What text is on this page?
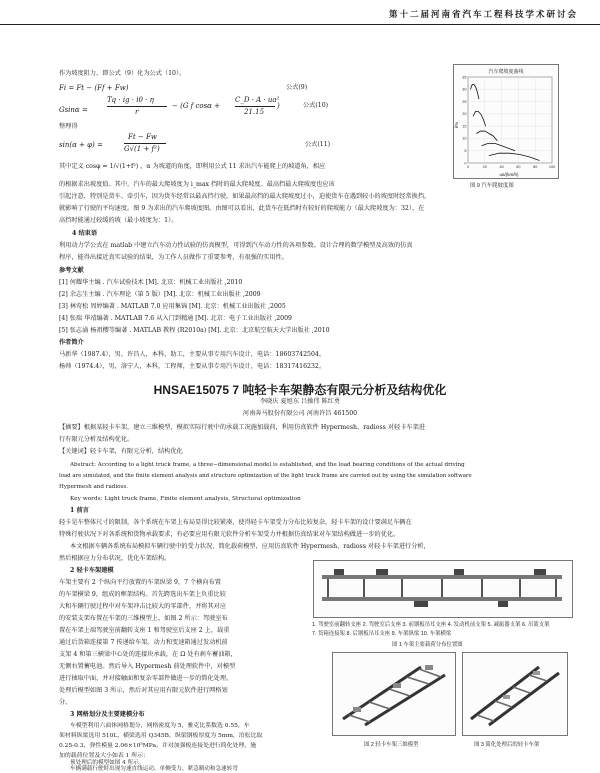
第十二届河南省汽车工程科技学术研讨会
作为坡度阻力，即公式（9）化为公式（10）。
Fi = Ft − (Ff + Fw)	公式(9)
Gsinα =
Tq · ig · i0 · η
r
− (G f cosα +
C_D · A · ua²
21.15
)	公式(10)
整理得
sin(α + φ) =
Ft − Fw
G√(1 + f²)
公式(11)
其中定义 cosφ = 1/√(1+f²) ，α 为坡道的角度，即利用公式 11 求出汽车能爬上的坡道角，相应
汽车爬坡度曲线
0	20	40	60	80	100
0
5
10
15
20
25
30
35
ua/(km/h)
i/%
图 9 汽车爬坡度图
的根据求出坡度值。其中，汽车的最大爬坡度为 i_max 挡时的最大爬坡度。最高挡最大爬坡度也应该
引起注意，特别是货车、牵引车，因为货车经常以最高挡行驶，如果最高挡的最大爬坡度过小，迫使货车在遇到较小的坡度时经常换挡，
就影响了行驶的平均速度。图 9 为求出的汽车爬坡度图。由图可以看出，此货车在低挡时有较好的爬坡能力（最大爬坡度为：32），在
高挡时能通过较缓的坡（最小坡度为：1）。
4 结束语
利用动力学公式在 matlab 中建立汽车动力性试验的仿真模型，可得到汽车动力性的各项参数。设计合理的数学模型及高效的仿真
程序，能得出接近真实试验的结果，为工作人员做作了重要参考，有很强的实用性。
参考文献
[1] 何耀华主编 . 汽车试验技术 [M]. 北京：机械工业出版社 ,2010
[2] 余志生主编 . 汽车理论（第 5 版）[M]. 北京：机械工业出版社 ,2009
[3] 林莺松 周婷编著 . MATLAB 7.0 应用集锦 [M]. 北京：机械工业出版社 ,2005
[4] 张瑞 华靖编著 . MATLAB 7.6 从入门到精通 [M]. 北京：电子工业出版社 ,2009
[5] 张志涌 杨祖樱等编著 . MATLAB 教程 (R2010a) [M]. 北京：北京航空航天大学出版社 ,2010
作者简介
马新华（1987.4），男，许昌人，本科，助工，主要从事专用汽车设计，电话：18603742504。
杨帅（1974.4），男，洛宁人，本科，工程师，主要从事专用汽车设计，电话：18317416232。
HNSAE15075 7 吨轻卡车架静态有限元分析及结构优化
李晓庆 夏旭东 吕操伟 陈红勇
河南奔马股份有限公司 河南许昌 461500
【摘要】根据某轻卡车架，建立三维模型，模拟实际行驶中的承载工况施加载荷，利用仿真软件 Hypermesh、radioss 对轻卡车架进
行有限元分析及结构优化。
【关键词】轻卡车架，有限元分析，结构优化
Abstract: According to a light truck frame, a three−dimensional model is established, and the load bearing conditions of the actual driving
load are simulated, and the finite element analysis and structure optimization of the light truck frame are carried out by using the simulation software
Hypermesh and radioss.
Key words: Light truck frame, Finite element analysis, Structural optimization
1 前言
轻卡是车整体尺寸的限制，各个系统在车架上布局显得比较紧凑，使得轻卡车架受力分布比较复杂，轻卡车架的设计要满足车辆在
特殊行驶状况下对各系统和货物承载要求，有必要应用有限元软件分析车架受力并根据仿真结果对车架结构做进一步的优化。
本文根据车辆各系统布局模拟车辆行驶中的受力状况，简化载荷模型，应用仿真软件 Hypermesh、radioss 对轻卡车架进行分析，
然后根据应力分布状况，优化车架结构。
2 轻卡车架建模
车架主要有 2 个纵向平行放置的车架纵梁 9，7 个横向布置
的车架横梁 9，组成的框架结构。首先跨选出车架上负重比较
大和车辆行驶过程中对车架冲击比较大的零部件，并将其对应
的安装支架布置在车架的三维模型上，如图 2 所示：驾驶室布
置在车架上端驾驶室前翻转支座 1 和驾驶室后支座 2 上，载重
通过后货箱连接第 7 传递给车架。动力和变速箱通过发动机前
支架 4 和第三横梁中心处的连接块承载，在 Ω 处有刹车蓄油箱，
无侧右置蓄电池。然后导入 Hypermesh 前处理软件中，对模型
进行抽取中面，并对接触面和复杂零部件做进一步的简化处理。
处理后模型如图 3 所示，然后对其应用有限元软件进行网格划
分。
3 网格划分及主要建模分布
车模型利用六面体网格划分，网格密度为 5，雅克比系数选 0.55，车
架材料纵梁选用 510L，横梁选用 Q345B，纵梁钢板厚度为 5mm，泊松比取
0.25-0.3，弹性模量 2.06×10⁵MPa。并对加强板连接处进行简化处理，施
加的载荷位置及大小如表 1 所示：
预处理后的模型如图 4 所示。
车辆满载行驶时出现匀速直线运动、单侧受力、紧急制动和急速转弯
1. 驾驶室前翻转支座 2. 驾驶室后支座 3. 前钢板吊耳支座 4. 发动机前支架 5. 减振器支架 6. 吊篮支架
7. 货箱连接架 8. 后钢板吊耳支座 9. 车架纵梁 10. 车架横梁
图 1 车架主要载荷分布位置图
图 2 轻卡车架三维模型	图 3 简化处理后的轻卡车架
